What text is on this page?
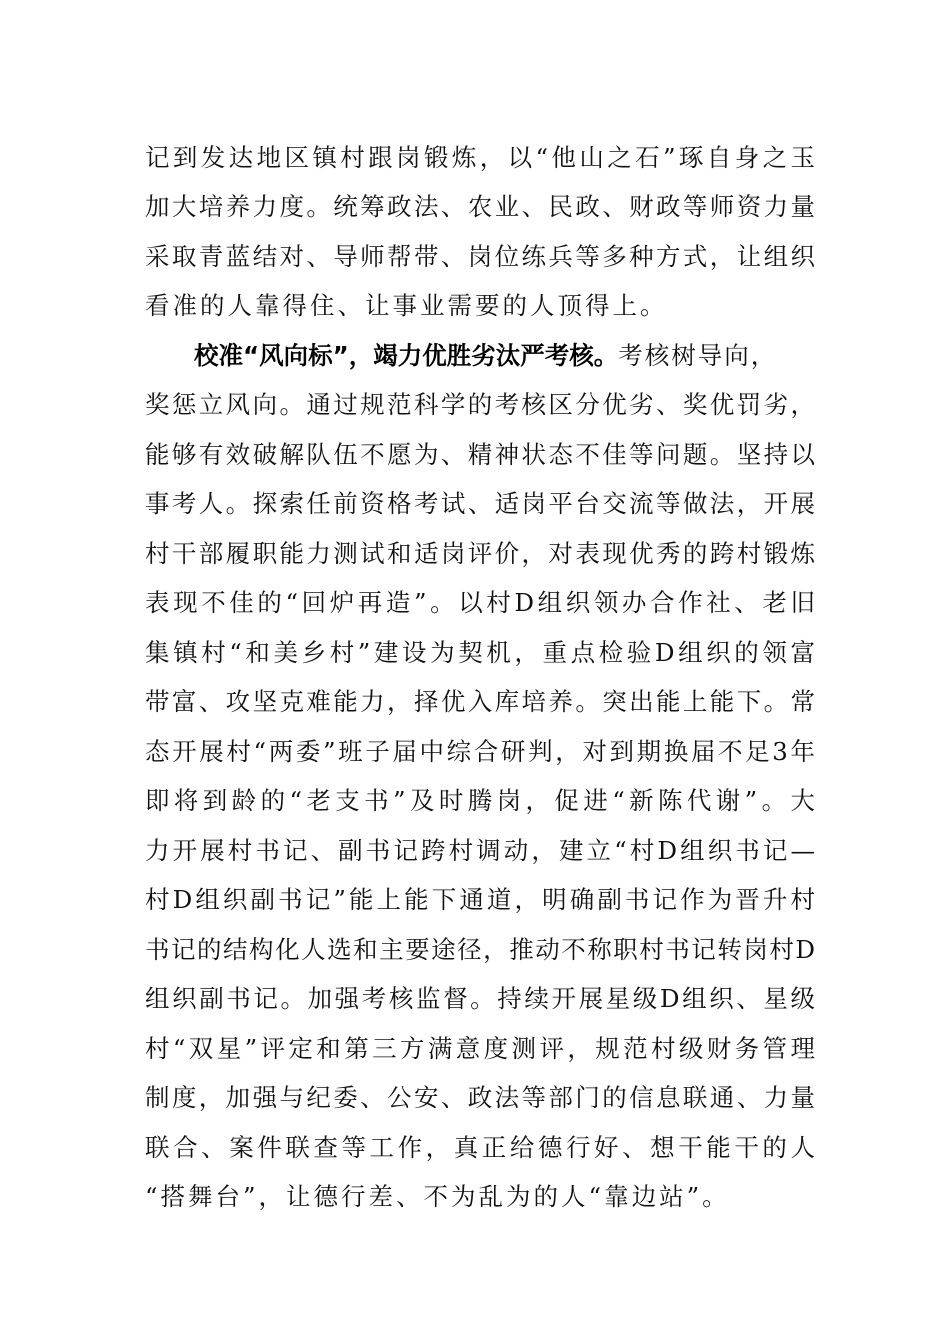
记到发达地区镇村跟岗锻炼，以“他山之石”琢自身之玉
加大培养力度。统筹政法、农业、民政、财政等师资力量
采取青蓝结对、导师帮带、岗位练兵等多种方式，让组织
看准的人靠得住、让事业需要的人顶得上。
校准“风向标”，竭力优胜劣汰严考核。 考核树导向，
奖惩立风向。通过规范科学的考核区分优劣、奖优罚劣，
能够有效破解队伍不愿为、精神状态不佳等问题。坚持以
事考人。探索任前资格考试、适岗平台交流等做法，开展
村干部履职能力测试和适岗评价，对表现优秀的跨村锻炼
表现不佳的“回炉再造”。以村D组织领办合作社、老旧
集镇村“和美乡村”建设为契机，重点检验D组织的领富
带富、攻坚克难能力，择优入库培养。突出能上能下。常
态开展村“两委”班子届中综合研判，对到期换届不足3年
即将到龄的“老支书”及时腾岗，促进“新陈代谢”。大
力开展村书记、副书记跨村调动，建立“村D组织书记—
村D组织副书记”能上能下通道，明确副书记作为晋升村
书记的结构化人选和主要途径，推动不称职村书记转岗村D
组织副书记。加强考核监督。持续开展星级D组织、星级
村“双星”评定和第三方满意度测评，规范村级财务管理
制度，加强与纪委、公安、政法等部门的信息联通、力量
联合、案件联查等工作，真正给德行好、想干能干的人
“搭舞台”，让德行差、不为乱为的人“靠边站”。
